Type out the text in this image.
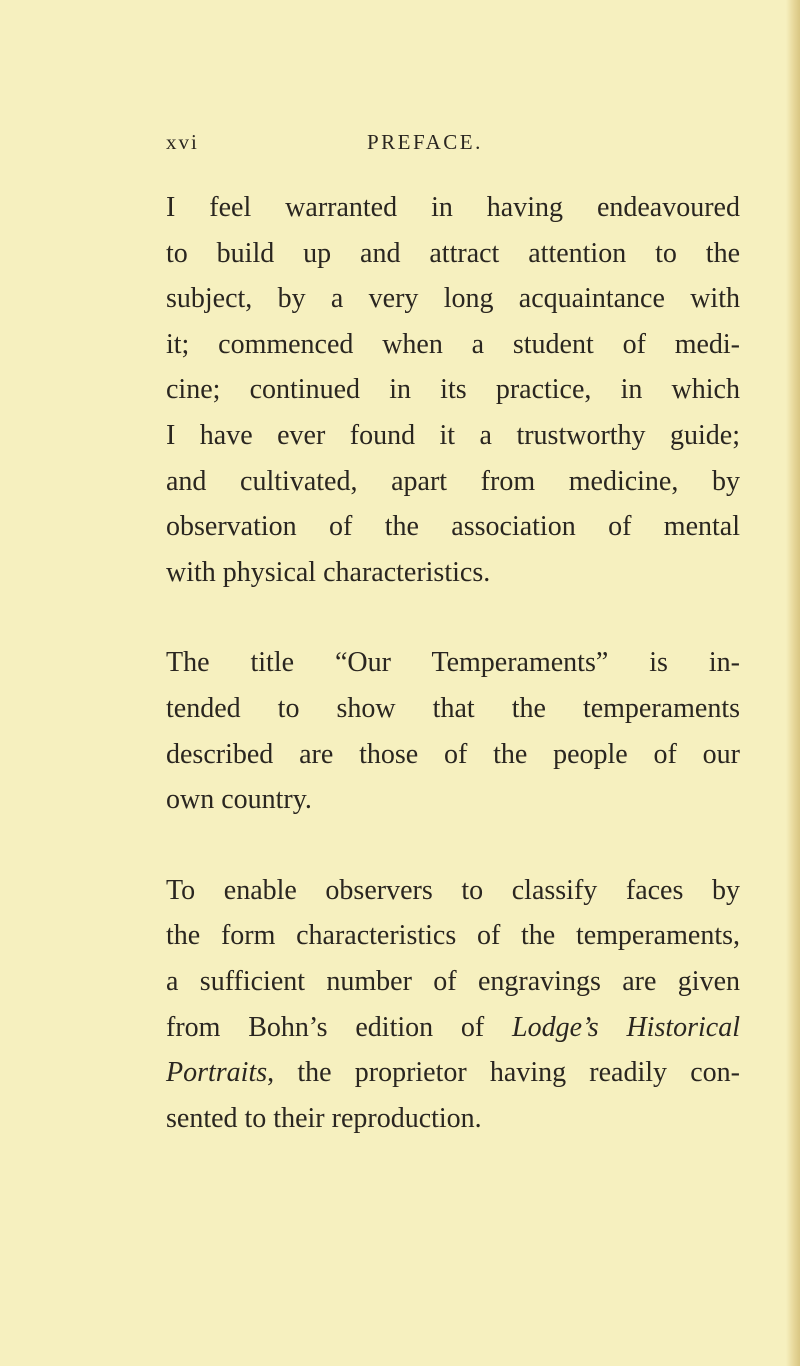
xvi	PREFACE.

I feel warranted in having endeavoured
to build up and attract attention to the
subject, by a very long acquaintance with
it; commenced when a student of medi-
cine; continued in its practice, in which
I have ever found it a trustworthy guide;
and cultivated, apart from medicine, by
observation of the association of mental
with physical characteristics.

The title “Our Temperaments” is in-
tended to show that the temperaments
described are those of the people of our
own country.

To enable observers to classify faces by
the form characteristics of the temperaments,
a sufficient number of engravings are given
from Bohn’s edition of Lodge’s Historical
Portraits, the proprietor having readily con-
sented to their reproduction.
